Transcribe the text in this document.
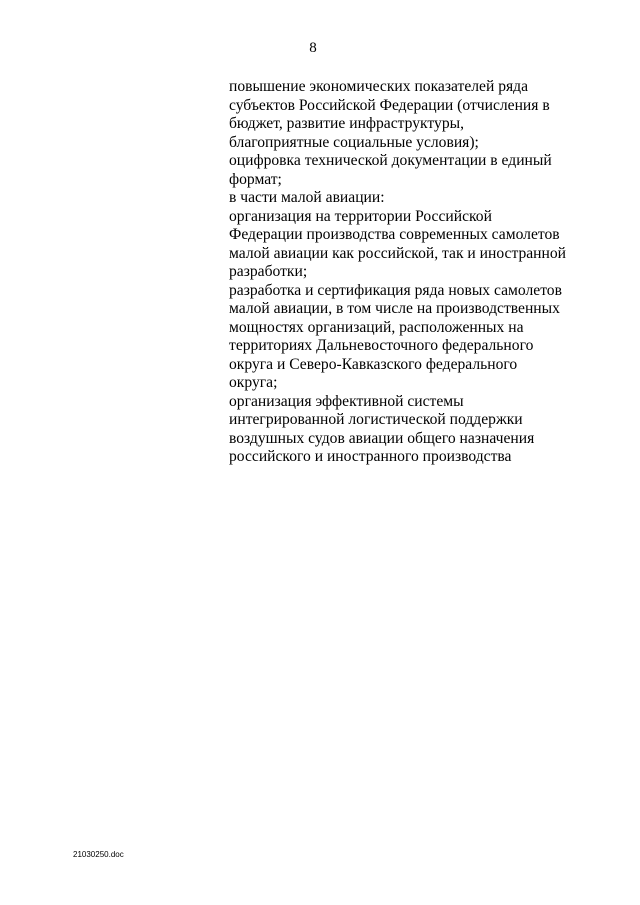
8
повышение экономических показателей ряда
субъектов Российской Федерации (отчисления в
бюджет, развитие инфраструктуры,
благоприятные социальные условия);
оцифровка технической документации в единый
формат;
в части малой авиации:
организация на территории Российской
Федерации производства современных самолетов
малой авиации как российской, так и иностранной
разработки;
разработка и сертификация ряда новых самолетов
малой авиации, в том числе на производственных
мощностях организаций, расположенных на
территориях Дальневосточного федерального
округа и Северо-Кавказского федерального
округа;
организация эффективной системы
интегрированной логистической поддержки
воздушных судов авиации общего назначения
российского и иностранного производства
21030250.doc
